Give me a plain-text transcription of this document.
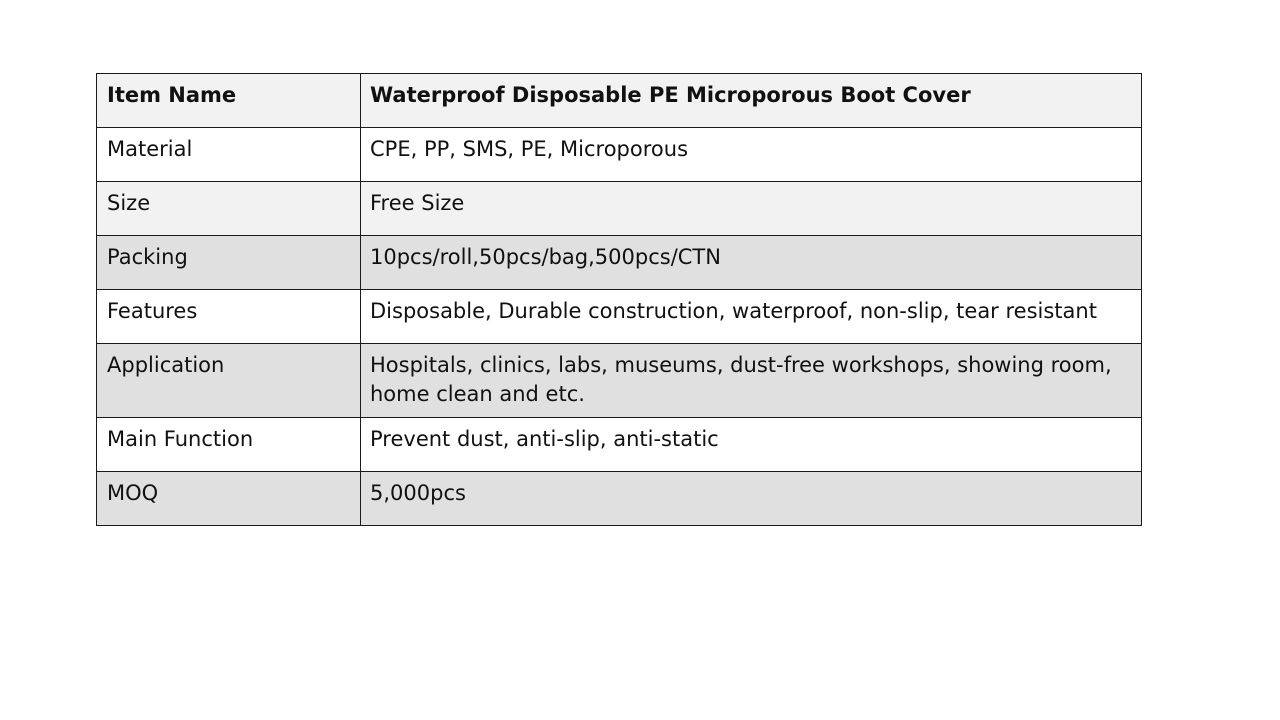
Item Name	Waterproof Disposable PE Microporous Boot Cover
Material	CPE, PP, SMS, PE, Microporous
Size	Free Size
Packing	10pcs/roll,50pcs/bag,500pcs/CTN
Features	Disposable, Durable construction, waterproof, non-slip, tear resistant
Application	Hospitals, clinics, labs, museums, dust-free workshops, showing room, home clean and etc.
Main Function	Prevent dust, anti-slip, anti-static
MOQ	5,000pcs
